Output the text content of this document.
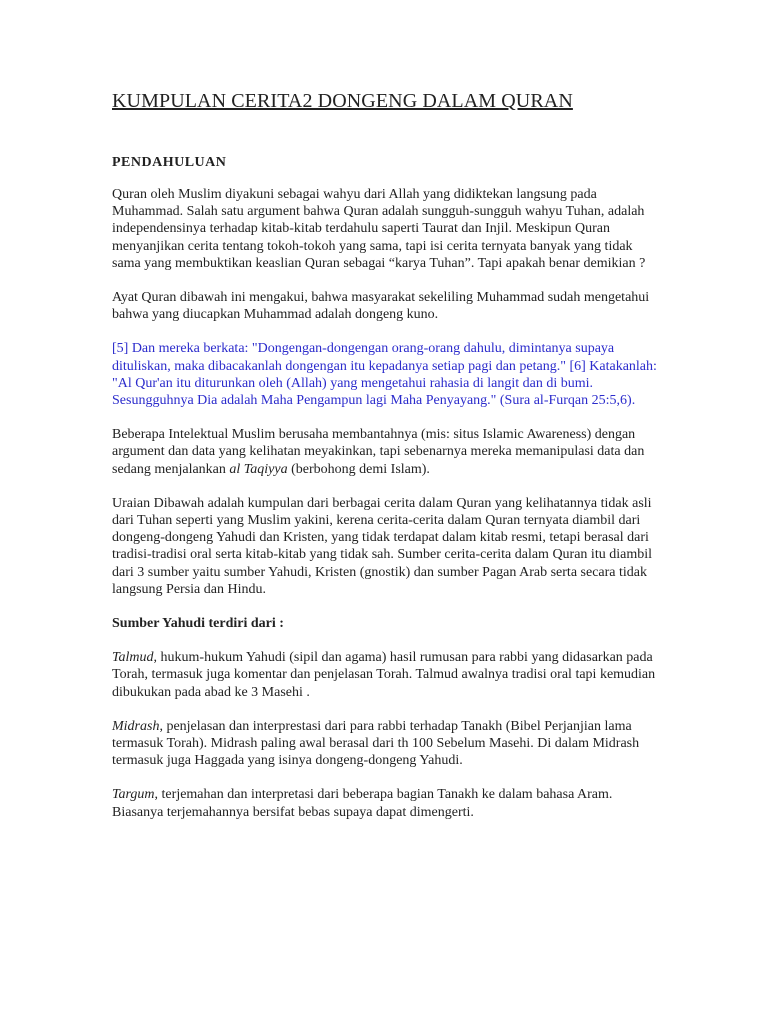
KUMPULAN CERITA2 DONGENG DALAM QURAN
PENDAHULUAN

Quran oleh Muslim diyakuni sebagai wahyu dari Allah yang didiktekan langsung pada Muhammad. Salah satu argument bahwa Quran adalah sungguh-sungguh wahyu Tuhan, adalah independensinya terhadap kitab-kitab terdahulu saperti Taurat dan Injil. Meskipun Quran menyanjikan cerita tentang tokoh-tokoh yang sama, tapi isi cerita ternyata banyak yang tidak sama yang membuktikan keaslian Quran sebagai “karya Tuhan”. Tapi apakah benar demikian ?

Ayat Quran dibawah ini mengakui, bahwa masyarakat sekeliling Muhammad sudah mengetahui bahwa yang diucapkan Muhammad adalah dongeng kuno.

[5] Dan mereka berkata: "Dongengan-dongengan orang-orang dahulu, dimintanya supaya dituliskan, maka dibacakanlah dongengan itu kepadanya setiap pagi dan petang." [6] Katakanlah: "Al Qur'an itu diturunkan oleh (Allah) yang mengetahui rahasia di langit dan di bumi. Sesungguhnya Dia adalah Maha Pengampun lagi Maha Penyayang." (Sura al-Furqan 25:5,6).

Beberapa Intelektual Muslim berusaha membantahnya (mis: situs Islamic Awareness) dengan argument dan data yang kelihatan meyakinkan, tapi sebenarnya mereka memanipulasi data dan sedang menjalankan al Taqiyya (berbohong demi Islam).

Uraian Dibawah adalah kumpulan dari berbagai cerita dalam Quran yang kelihatannya tidak asli dari Tuhan seperti yang Muslim yakini, kerena cerita-cerita dalam Quran ternyata diambil dari dongeng-dongeng Yahudi dan Kristen, yang tidak terdapat dalam kitab resmi, tetapi berasal dari tradisi-tradisi oral serta kitab-kitab yang tidak sah. Sumber cerita-cerita dalam Quran itu diambil dari 3 sumber yaitu sumber Yahudi, Kristen (gnostik) dan sumber Pagan Arab serta secara tidak langsung Persia dan Hindu.

Sumber Yahudi terdiri dari :

Talmud, hukum-hukum Yahudi (sipil dan agama) hasil rumusan para rabbi yang didasarkan pada Torah, termasuk juga komentar dan penjelasan Torah. Talmud awalnya tradisi oral tapi kemudian dibukukan pada abad ke 3 Masehi .

Midrash, penjelasan dan interprestasi dari para rabbi terhadap Tanakh (Bibel Perjanjian lama termasuk Torah). Midrash paling awal berasal dari th 100 Sebelum Masehi. Di dalam Midrash termasuk juga Haggada yang isinya dongeng-dongeng Yahudi.

Targum, terjemahan dan interpretasi dari beberapa bagian Tanakh ke dalam bahasa Aram. Biasanya terjemahannya bersifat bebas supaya dapat dimengerti.
